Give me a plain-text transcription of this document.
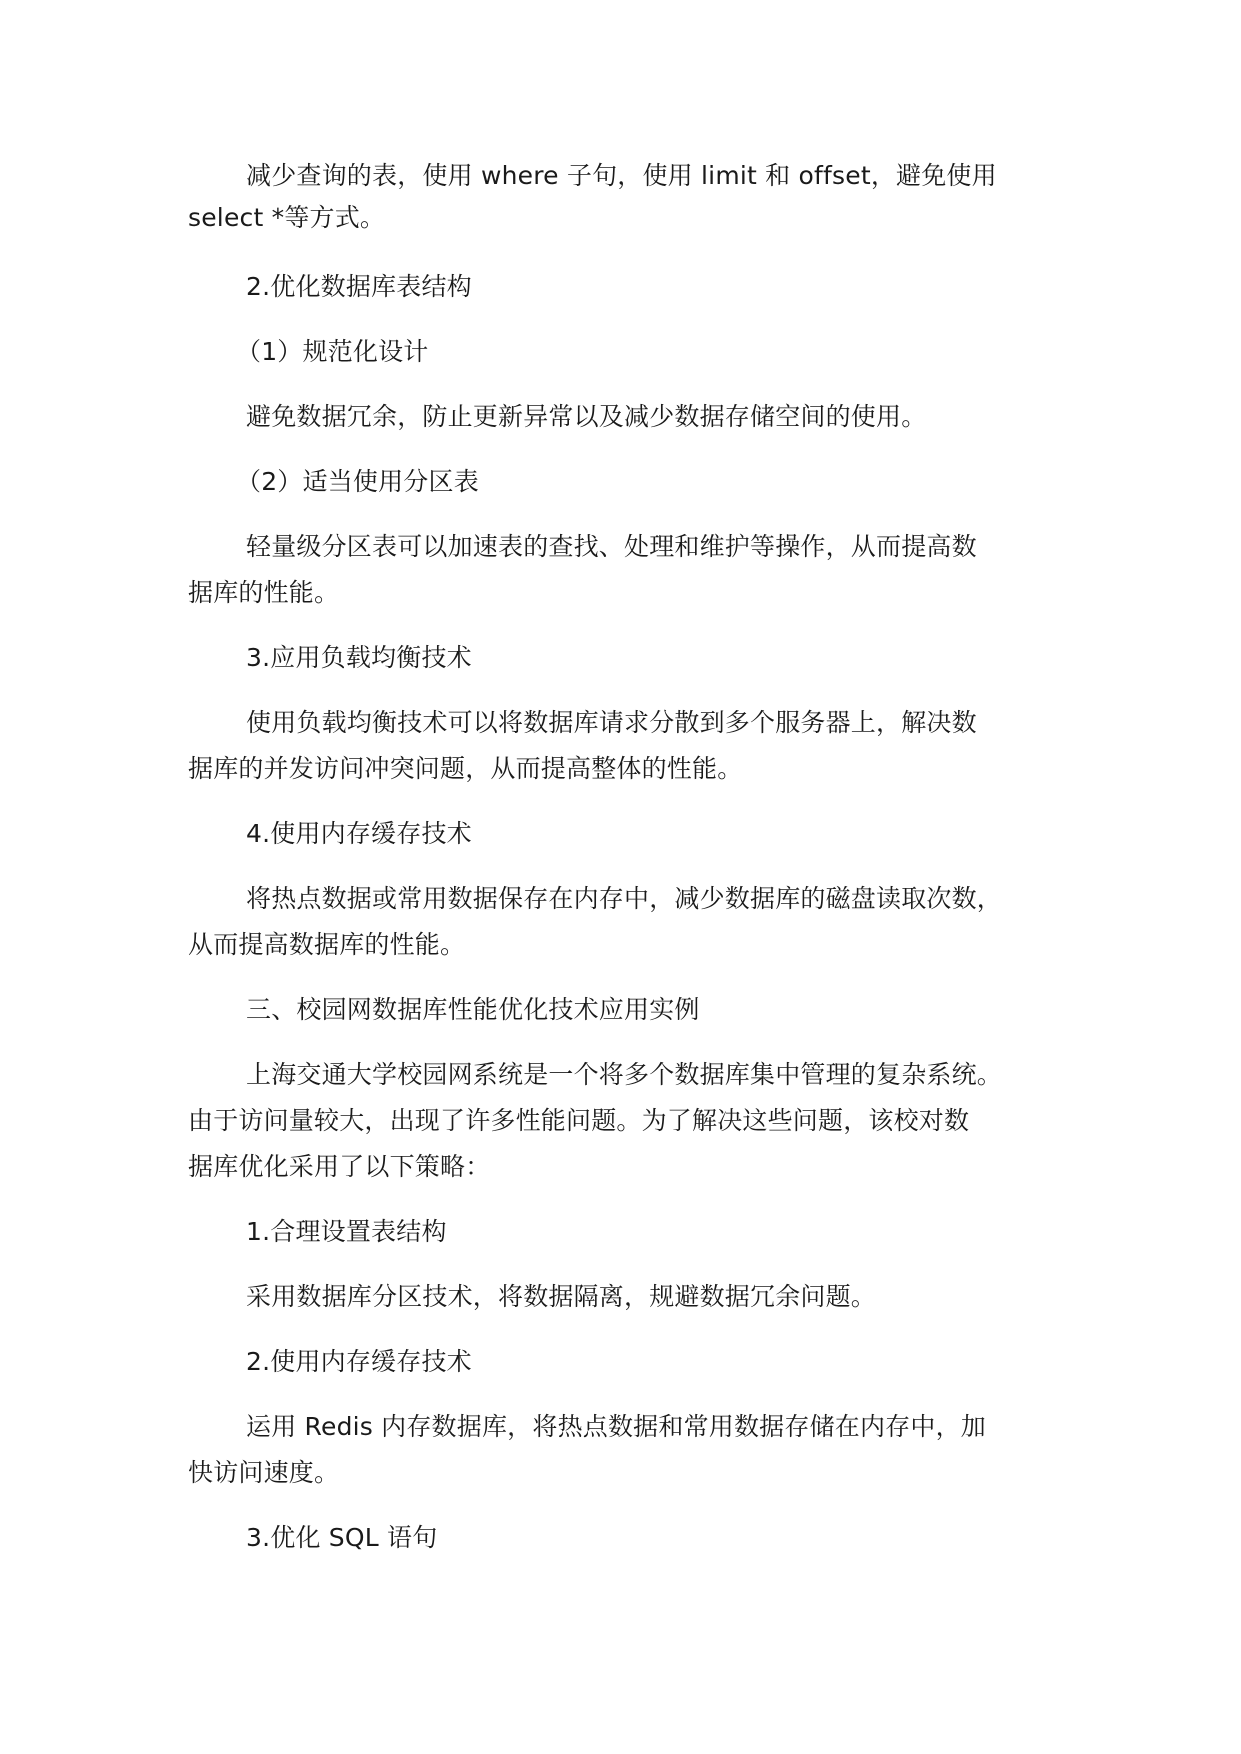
减少查询的表，使用 where 子句，使用 limit 和 offset，避免使用
select *等方式。
2.优化数据库表结构
（1）规范化设计
避免数据冗余，防止更新异常以及减少数据存储空间的使用。
（2）适当使用分区表
轻量级分区表可以加速表的查找、处理和维护等操作，从而提高数
据库的性能。
3.应用负载均衡技术
使用负载均衡技术可以将数据库请求分散到多个服务器上，解决数
据库的并发访问冲突问题，从而提高整体的性能。
4.使用内存缓存技术
将热点数据或常用数据保存在内存中，减少数据库的磁盘读取次数，
从而提高数据库的性能。
三、校园网数据库性能优化技术应用实例
上海交通大学校园网系统是一个将多个数据库集中管理的复杂系统。
由于访问量较大，出现了许多性能问题。为了解决这些问题，该校对数
据库优化采用了以下策略：
1.合理设置表结构
采用数据库分区技术，将数据隔离，规避数据冗余问题。
2.使用内存缓存技术
运用 Redis 内存数据库，将热点数据和常用数据存储在内存中，加
快访问速度。
3.优化 SQL 语句
